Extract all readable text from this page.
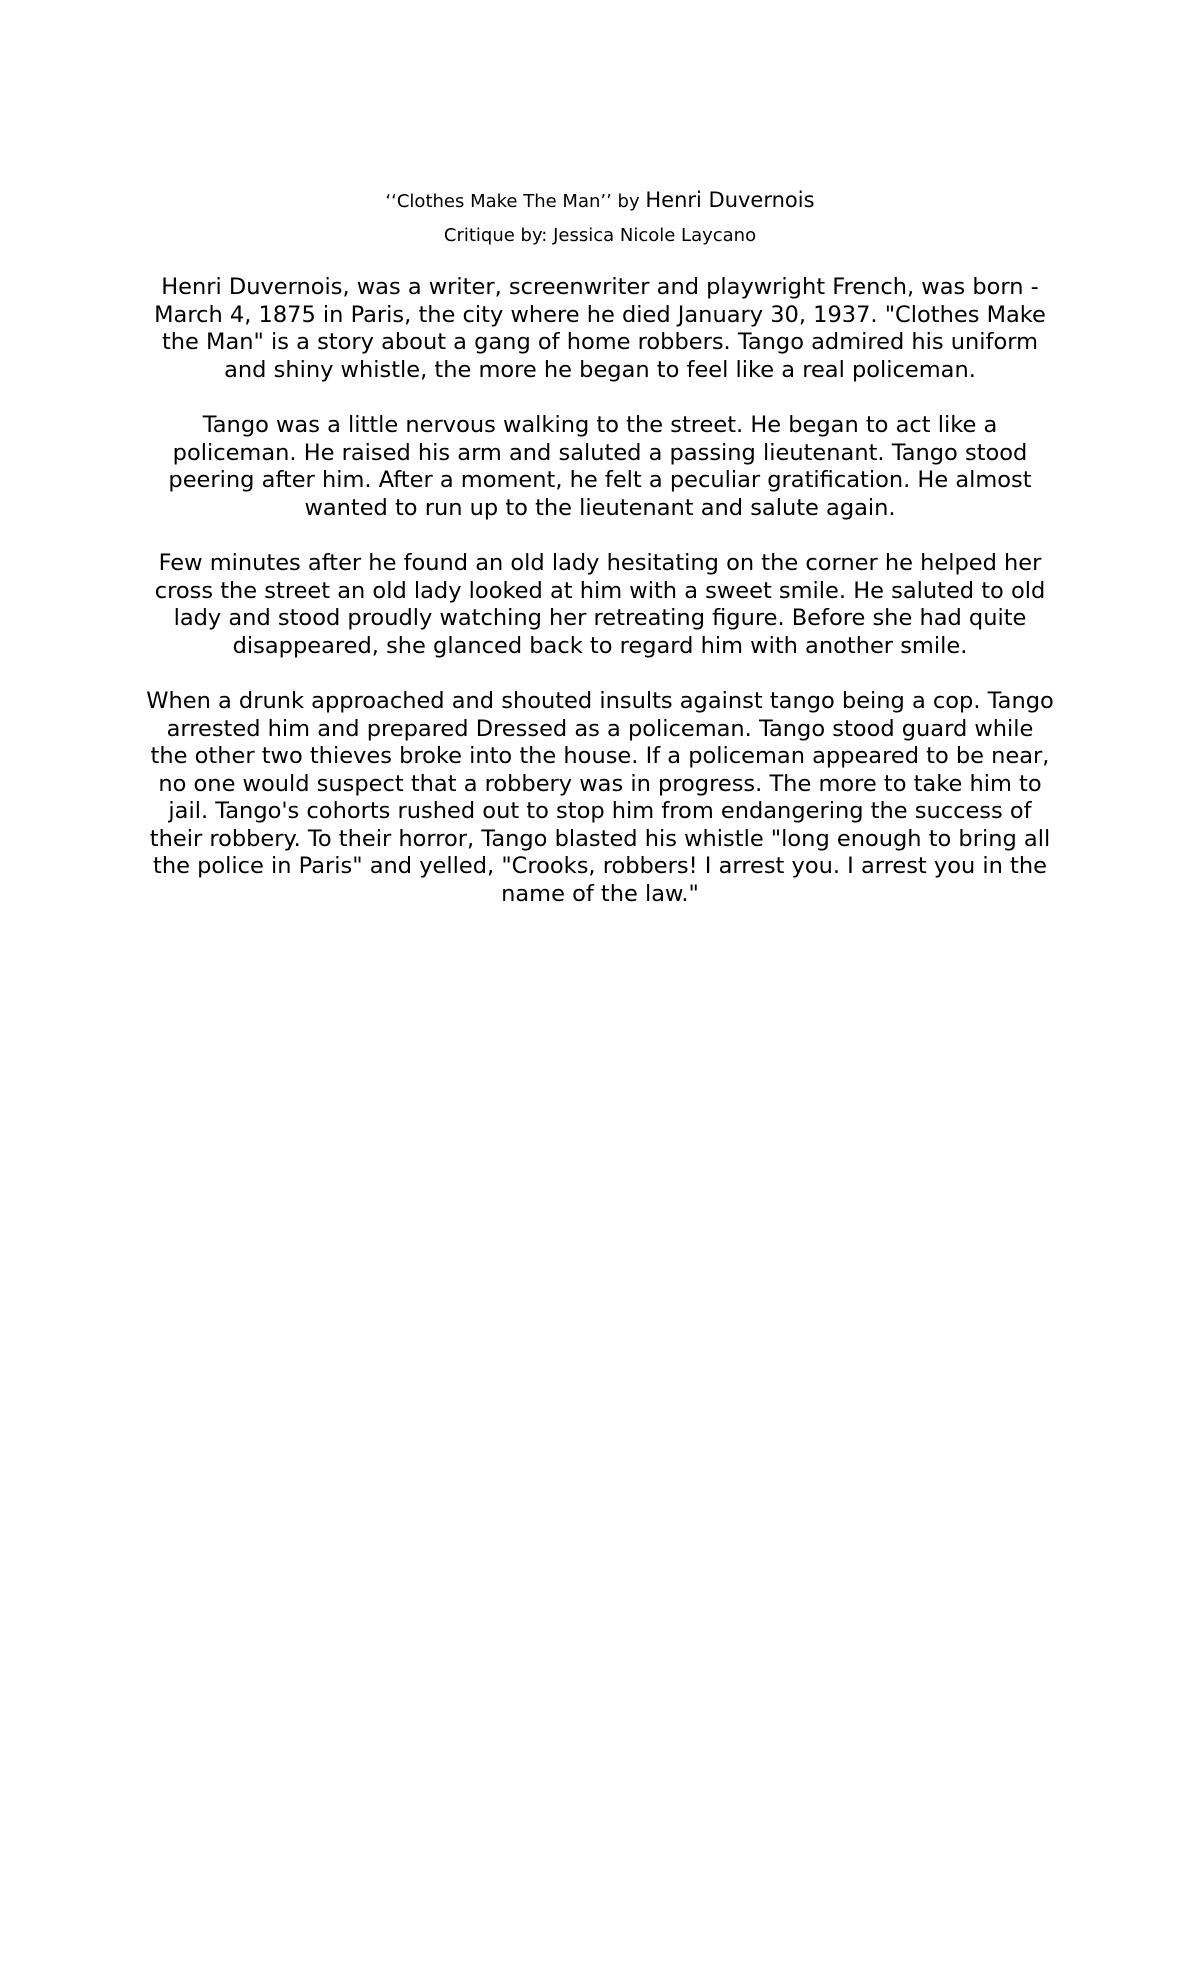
‘‘Clothes Make The Man’’ by Henri Duvernois
Critique by: Jessica Nicole Laycano

Henri Duvernois, was a writer, screenwriter and playwright French, was born - March 4, 1875 in Paris, the city where he died January 30, 1937. "Clothes Make the Man" is a story about a gang of home robbers. Tango admired his uniform and shiny whistle, the more he began to feel like a real policeman.

Tango was a little nervous walking to the street. He began to act like a policeman. He raised his arm and saluted a passing lieutenant. Tango stood peering after him. After a moment, he felt a peculiar gratification. He almost wanted to run up to the lieutenant and salute again.

Few minutes after he found an old lady hesitating on the corner he helped her cross the street an old lady looked at him with a sweet smile. He saluted to old lady and stood proudly watching her retreating figure. Before she had quite disappeared, she glanced back to regard him with another smile.

When a drunk approached and shouted insults against tango being a cop. Tango arrested him and prepared Dressed as a policeman. Tango stood guard while the other two thieves broke into the house. If a policeman appeared to be near, no one would suspect that a robbery was in progress. The more to take him to jail. Tango's cohorts rushed out to stop him from endangering the success of their robbery. To their horror, Tango blasted his whistle "long enough to bring all the police in Paris" and yelled, "Crooks, robbers! I arrest you. I arrest you in the name of the law."
